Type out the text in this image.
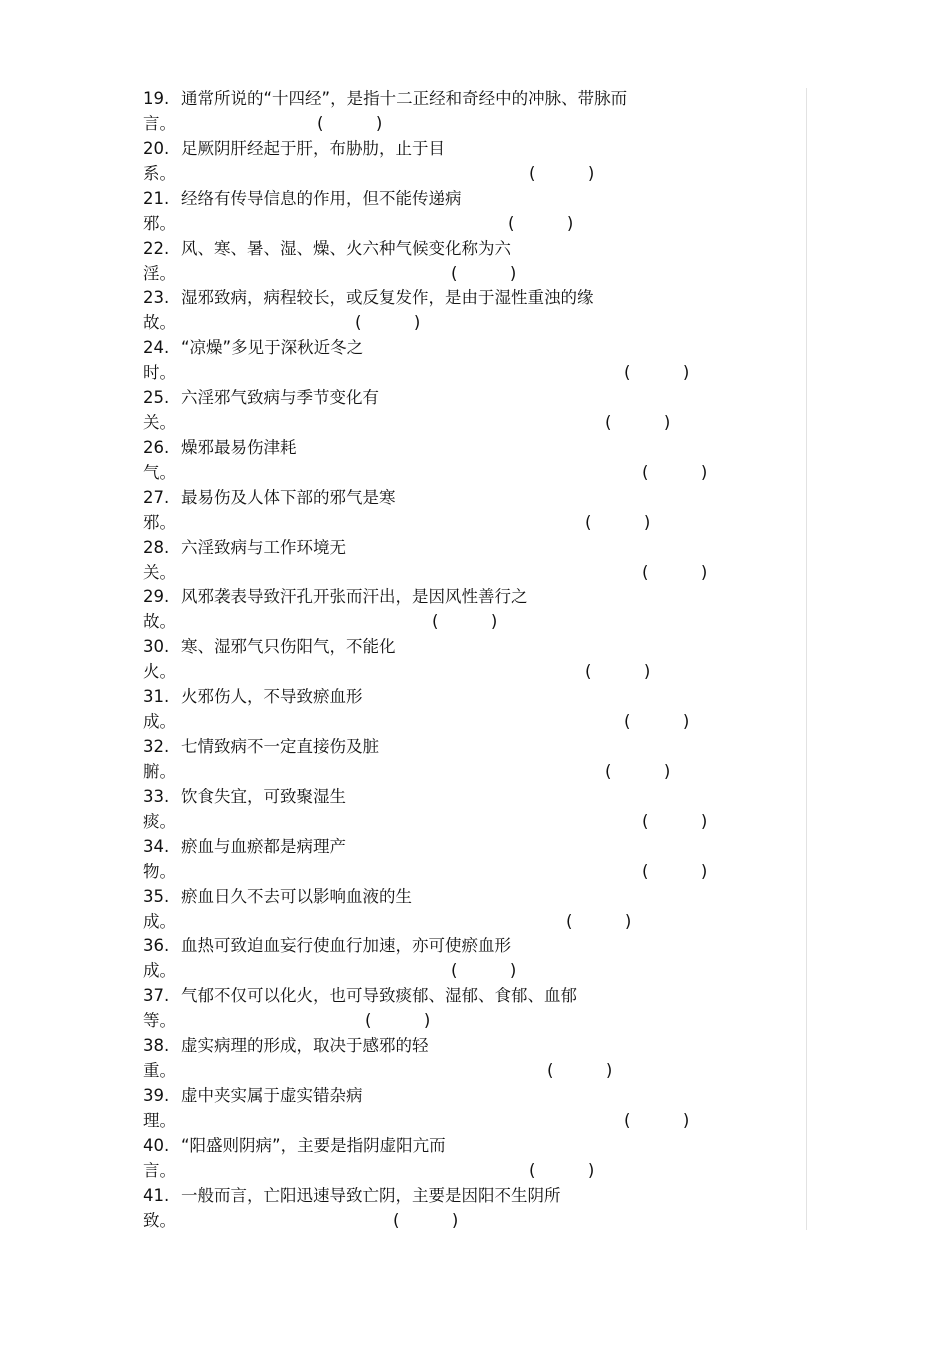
19. 通常所说的“十四经”，是指十二正经和奇经中的冲脉、带脉而
言。	(          )
20. 足厥阴肝经起于肝，布胁肋，止于目
系。	(          )
21. 经络有传导信息的作用，但不能传递病
邪。	(          )
22. 风、寒、暑、湿、燥、火六种气候变化称为六
淫。	(          )
23. 湿邪致病，病程较长，或反复发作，是由于湿性重浊的缘
故。	(          )
24. “凉燥”多见于深秋近冬之
时。	(          )
25. 六淫邪气致病与季节变化有
关。	(          )
26. 燥邪最易伤津耗
气。	(          )
27. 最易伤及人体下部的邪气是寒
邪。	(          )
28. 六淫致病与工作环境无
关。	(          )
29. 风邪袭表导致汗孔开张而汗出，是因风性善行之
故。	(          )
30. 寒、湿邪气只伤阳气，不能化
火。	(          )
31. 火邪伤人，不导致瘀血形
成。	(          )
32. 七情致病不一定直接伤及脏
腑。	(          )
33. 饮食失宜，可致聚湿生
痰。	(          )
34. 瘀血与血瘀都是病理产
物。	(          )
35. 瘀血日久不去可以影响血液的生
成。	(          )
36. 血热可致迫血妄行使血行加速，亦可使瘀血形
成。	(          )
37. 气郁不仅可以化火，也可导致痰郁、湿郁、食郁、血郁
等。	(          )
38. 虚实病理的形成，取决于感邪的轻
重。	(          )
39. 虚中夹实属于虚实错杂病
理。	(          )
40. “阳盛则阴病”，主要是指阴虚阳亢而
言。	(          )
41. 一般而言，亡阳迅速导致亡阴，主要是因阳不生阴所
致。	(          )
